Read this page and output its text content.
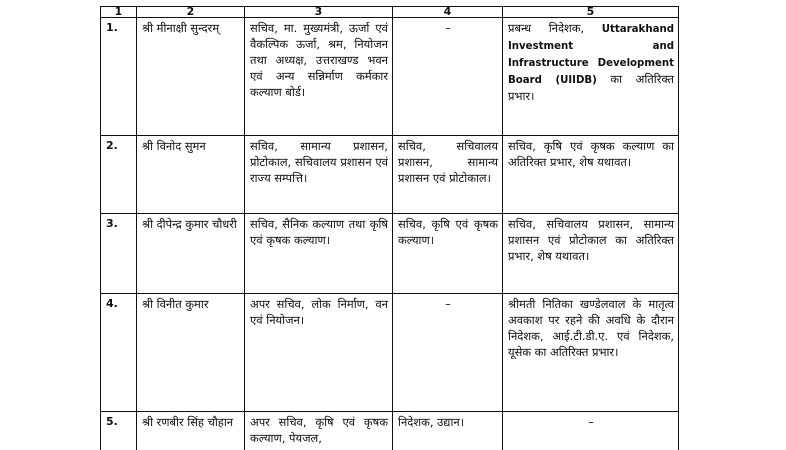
1	2	3	4	5
1.	श्री मीनाक्षी सुन्दरम्	सचिव, मा. मुख्यमंत्री, ऊर्जा एवं वैकल्पिक ऊर्जा, श्रम, नियोजन तथा अध्यक्ष, उत्तराखण्ड भवन एवं अन्य सन्निर्माण कर्मकार कल्याण बोर्ड।	–	प्रबन्ध निदेशक, Uttarakhand Investment and Infrastructure Development Board (UIIDB) का अतिरिक्त प्रभार।
2.	श्री विनोद सुमन	सचिव, सामान्य प्रशासन, प्रोटोकाल, सचिवालय प्रशासन एवं राज्य सम्पत्ति।	सचिव, सचिवालय प्रशासन, सामान्य प्रशासन एवं प्रोटोकाल।	सचिव, कृषि एवं कृषक कल्याण का अतिरिक्त प्रभार, शेष यथावत।
3.	श्री दीपेन्द्र कुमार चौधरी	सचिव, सैनिक कल्याण तथा कृषि एवं कृषक कल्याण।	सचिव, कृषि एवं कृषक कल्याण।	सचिव, सचिवालय प्रशासन, सामान्य प्रशासन एवं प्रोटोकाल का अतिरिक्त प्रभार, शेष यथावत।
4.	श्री विनीत कुमार	अपर सचिव, लोक निर्माण, वन एवं नियोजन।	–	श्रीमती नितिका खण्डेलवाल के मातृत्व अवकाश पर रहने की अवधि के दौरान निदेशक, आई.टी.डी.ए. एवं निदेशक, यूसेक का अतिरिक्त प्रभार।
5.	श्री रणबीर सिंह चौहान	अपर सचिव, कृषि एवं कृषक कल्याण, पेयजल,	निदेशक, उद्यान।	–
